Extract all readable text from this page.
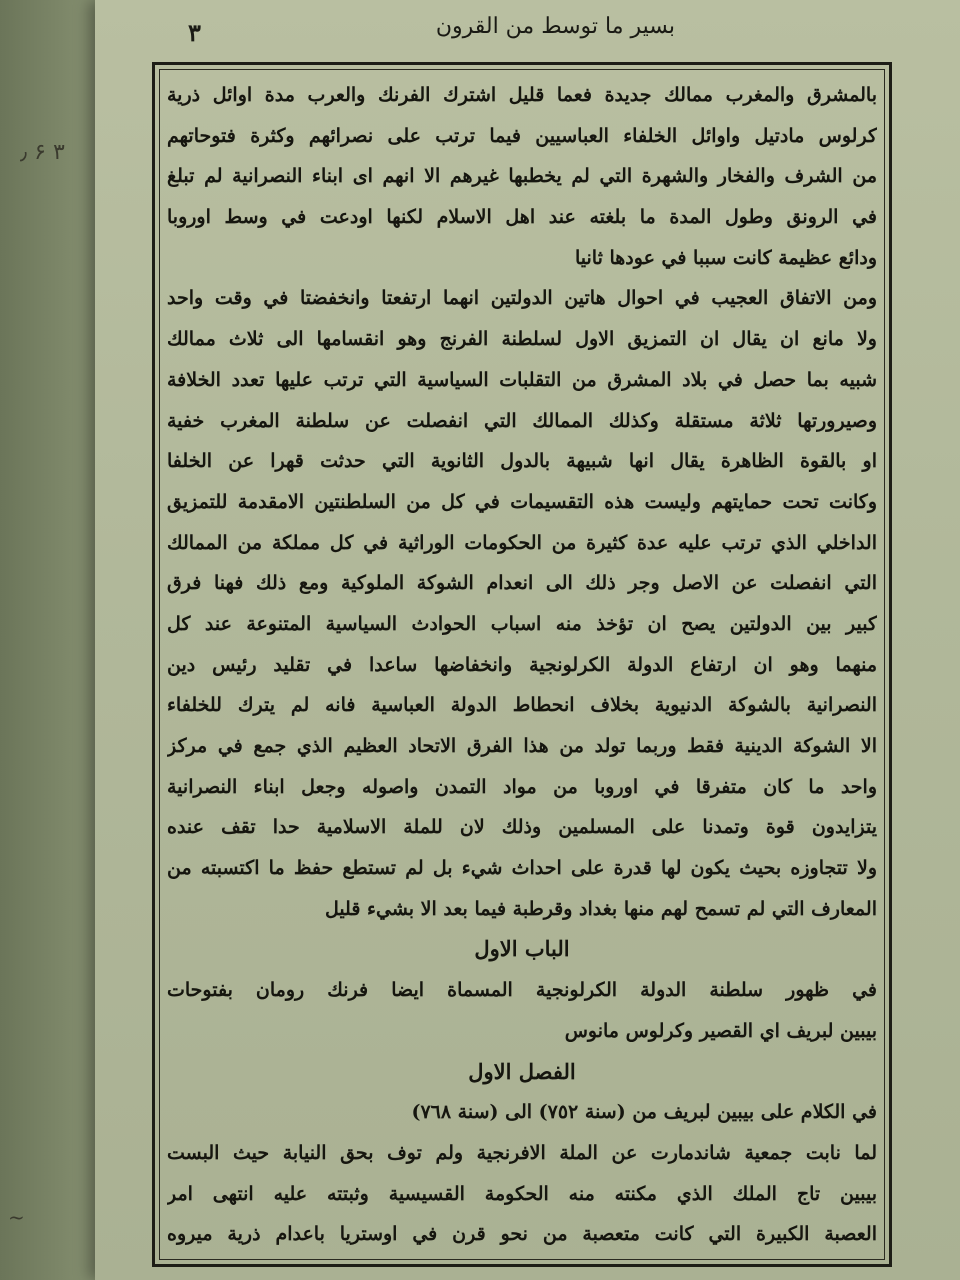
٫ ۶ ۳
~
بسير ما توسط من القرون
٣
بالمشرق والمغرب ممالك جديدة فعما قليل اشترك الفرنك والعرب مدة اوائل ذرية
كرلوس مادتيل واوائل الخلفاء العباسيين فيما ترتب على نصرائهم وكثرة فتوحاتهم
من الشرف والفخار والشهرة التي لم يخطبها غيرهم الا انهم اى ابناء النصرانية لم تبلغ
في الرونق وطول المدة ما بلغته عند اهل الاسلام لكنها اودعت في وسط اوروبا
ودائع عظيمة كانت سببا في عودها ثانيا
ومن الاتفاق العجيب في احوال هاتين الدولتين انهما ارتفعتا وانخفضتا في وقت واحد
ولا مانع ان يقال ان التمزيق الاول لسلطنة الفرنج وهو انقسامها الى ثلاث ممالك
شبيه بما حصل في بلاد المشرق من التقلبات السياسية التي ترتب عليها تعدد الخلافة
وصيرورتها ثلاثة مستقلة وكذلك الممالك التي انفصلت عن سلطنة المغرب خفية
او بالقوة الظاهرة يقال انها شبيهة بالدول الثانوية التي حدثت قهرا عن الخلفا
وكانت تحت حمايتهم وليست هذه التقسيمات في كل من السلطنتين الامقدمة للتمزيق
الداخلي الذي ترتب عليه عدة كثيرة من الحكومات الوراثية في كل مملكة من الممالك
التي انفصلت عن الاصل وجر ذلك الى انعدام الشوكة الملوكية ومع ذلك فهنا فرق
كبير بين الدولتين يصح ان تؤخذ منه اسباب الحوادث السياسية المتنوعة عند كل
منهما وهو ان ارتفاع الدولة الكرلونجية وانخفاضها ساعدا في تقليد رئيس دين
النصرانية بالشوكة الدنيوية بخلاف انحطاط الدولة العباسية فانه لم يترك للخلفاء
الا الشوكة الدينية فقط وربما تولد من هذا الفرق الاتحاد العظيم الذي جمع في مركز
واحد ما كان متفرقا في اوروبا من مواد التمدن واصوله وجعل ابناء النصرانية
يتزايدون قوة وتمدنا على المسلمين وذلك لان للملة الاسلامية حدا تقف عنده
ولا تتجاوزه بحيث يكون لها قدرة على احداث شيء بل لم تستطع حفظ ما اكتسبته من
المعارف التي لم تسمح لهم منها بغداد وقرطبة فيما بعد الا بشيء قليل
الباب الاول
في ظهور سلطنة الدولة الكرلونجية المسماة ايضا فرنك رومان بفتوحات
بيبين لبريف اي القصير وكرلوس مانوس
الفصل الاول
في الكلام على بيبين لبريف من (سنة ٧٥٢) الى (سنة ٧٦٨)
لما نابت جمعية شاندمارت عن الملة الافرنجية ولم توف بحق النيابة حيث البست
بيبين تاج الملك الذي مكنته منه الحكومة القسيسية وثبتته عليه انتهى امر
العصبة الكبيرة التي كانت متعصبة من نحو قرن في اوستريا باعدام ذرية ميروه
